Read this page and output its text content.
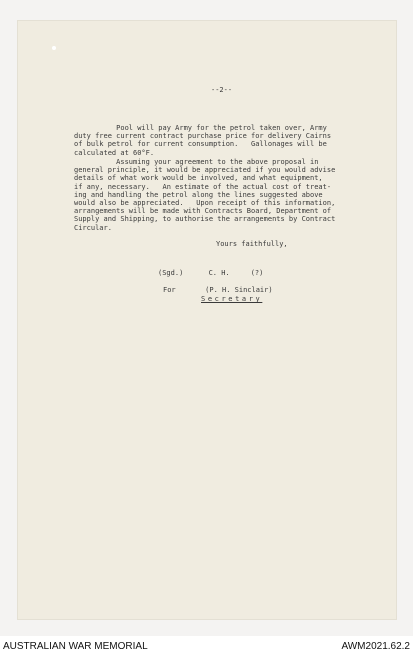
--2--
Pool will pay Army for the petrol taken over, Army
duty free current contract purchase price for delivery Cairns
of bulk petrol for current consumption.   Gallonages will be
calculated at 60°F.
Assuming your agreement to the above proposal in
general principle, it would be appreciated if you would advise
details of what work would be involved, and what equipment,
if any, necessary.   An estimate of the actual cost of treat-
ing and handling the petrol along the lines suggested above
would also be appreciated.   Upon receipt of this information,
arrangements will be made with Contracts Board, Department of
Supply and Shipping, to authorise the arrangements by Contract
Circular.
Yours faithfully,
(Sgd.)      C. H.     (?)
For       (P. H. Sinclair)
Secretary
AUSTRALIAN WAR MEMORIAL	AWM2021.62.2
